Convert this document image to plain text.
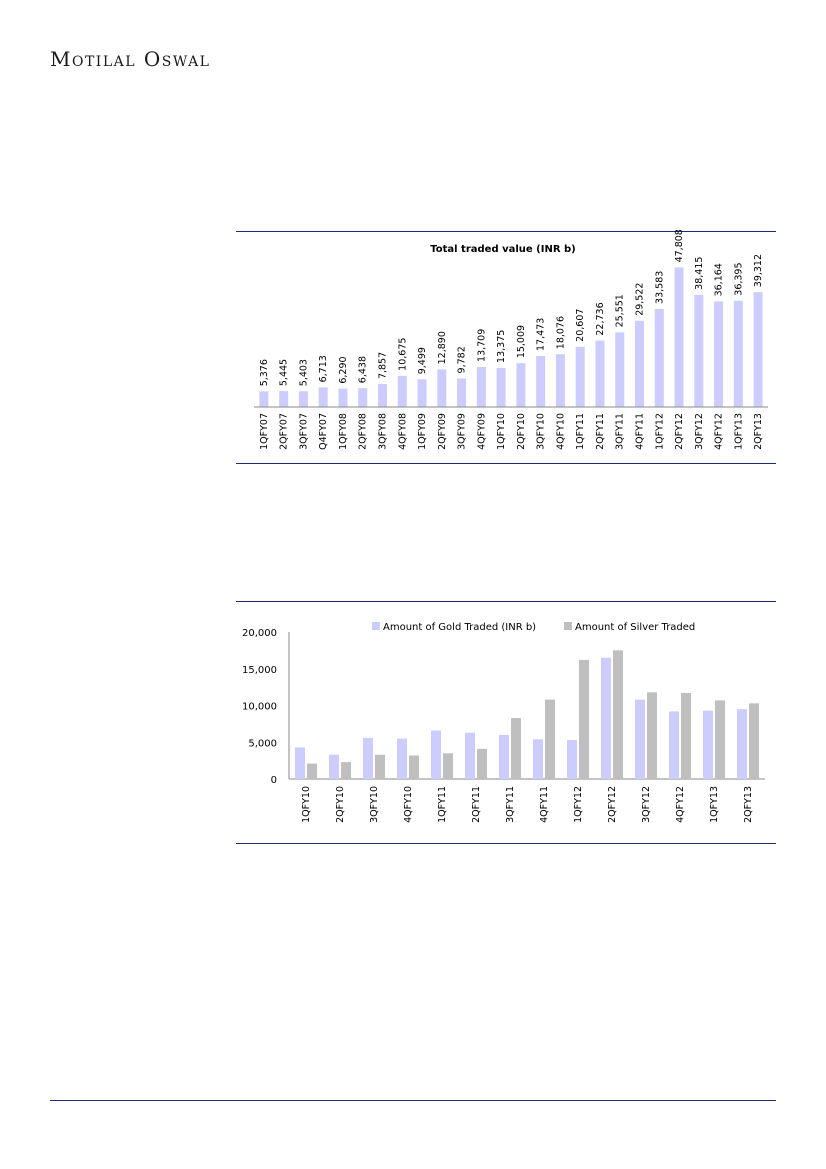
Motilal Oswal
Total traded value (INR b)
5,376 5,445 5,403 6,713 6,290 6,438 7,857 10,675 9,499 12,890 9,782 13,709 13,375 15,009 17,473 18,076 20,607 22,736 25,551 29,522 33,583
47,808
38,415 36,164 36,395 39,312
1QFY07 2QFY07 3QFY07 Q4FY07 1QFY08 2QFY08 3QFY08 4QFY08 1QFY09 2QFY09 3QFY09 4QFY09 1QFY10 2QFY10 3QFY10 4QFY10 1QFY11 2QFY11 3QFY11 4QFY11 1QFY12 2QFY12 3QFY12 4QFY12 1QFY13 2QFY13
Amount of Gold Traded (INR b)	Amount of Silver Traded
0
5,000
10,000
15,000
20,000
1QFY10 2QFY10 3QFY10 4QFY10 1QFY11 2QFY11 3QFY11 4QFY11 1QFY12 2QFY12 3QFY12 4QFY12 1QFY13 2QFY13
